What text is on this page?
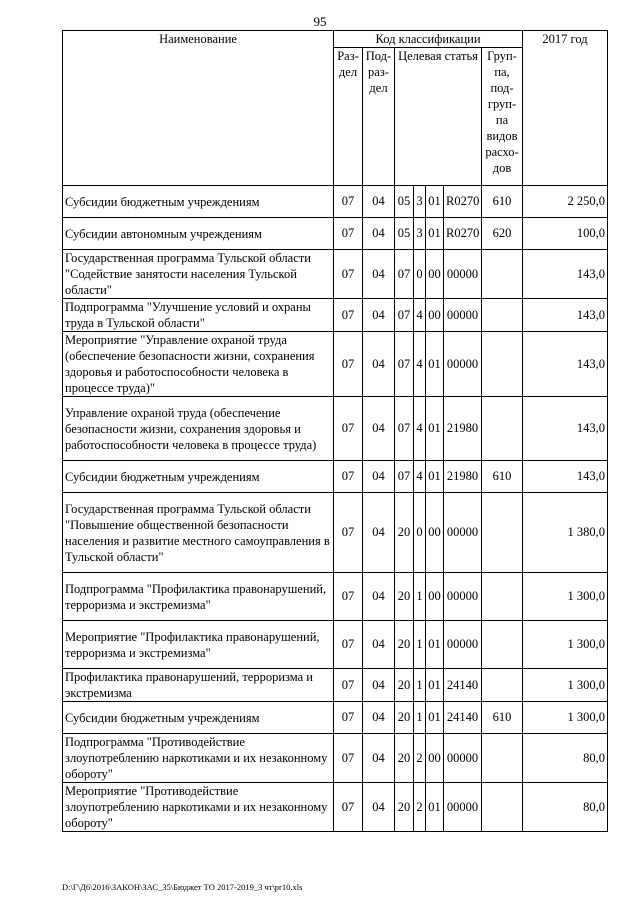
95
Наименование	Код классификации							2017 год
	Раз-дел	Под-раз-дел	Целевая статья				Груп-па, под-груп-па видов расхо-дов	
Субсидии бюджетным учреждениям	07	04	05	3	01	R0270	610	2 250,0
Субсидии автономным учреждениям	07	04	05	3	01	R0270	620	100,0
Государственная программа Тульской области "Содействие занятости населения Тульской области"	07	04	07	0	00	00000		143,0
Подпрограмма "Улучшение условий и охраны труда в Тульской области"	07	04	07	4	00	00000		143,0
Мероприятие "Управление охраной труда (обеспечение безопасности жизни, сохранения здоровья и работоспособности человека в процессе труда)"	07	04	07	4	01	00000		143,0
Управление охраной труда (обеспечение безопасности жизни, сохранения здоровья и работоспособности человека в процессе труда)	07	04	07	4	01	21980		143,0
Субсидии бюджетным учреждениям	07	04	07	4	01	21980	610	143,0
Государственная программа Тульской области "Повышение общественной безопасности населения и развитие местного самоуправления в Тульской области"	07	04	20	0	00	00000		1 380,0
Подпрограмма "Профилактика правонарушений, терроризма и экстремизма"	07	04	20	1	00	00000		1 300,0
Мероприятие "Профилактика правонарушений, терроризма и экстремизма"	07	04	20	1	01	00000		1 300,0
Профилактика правонарушений, терроризма и экстремизма	07	04	20	1	01	24140		1 300,0
Субсидии бюджетным учреждениям	07	04	20	1	01	24140	610	1 300,0
Подпрограмма "Противодействие злоупотреблению наркотиками и их незаконному обороту"	07	04	20	2	00	00000		80,0
Мероприятие "Противодействие злоупотреблению наркотиками и их незаконному обороту"	07	04	20	2	01	00000		80,0
D:\Г\Д6\2016\ЗАКОН\ЗАС_35\Бюджет ТО 2017-2019_3 чт\pr10.xls
